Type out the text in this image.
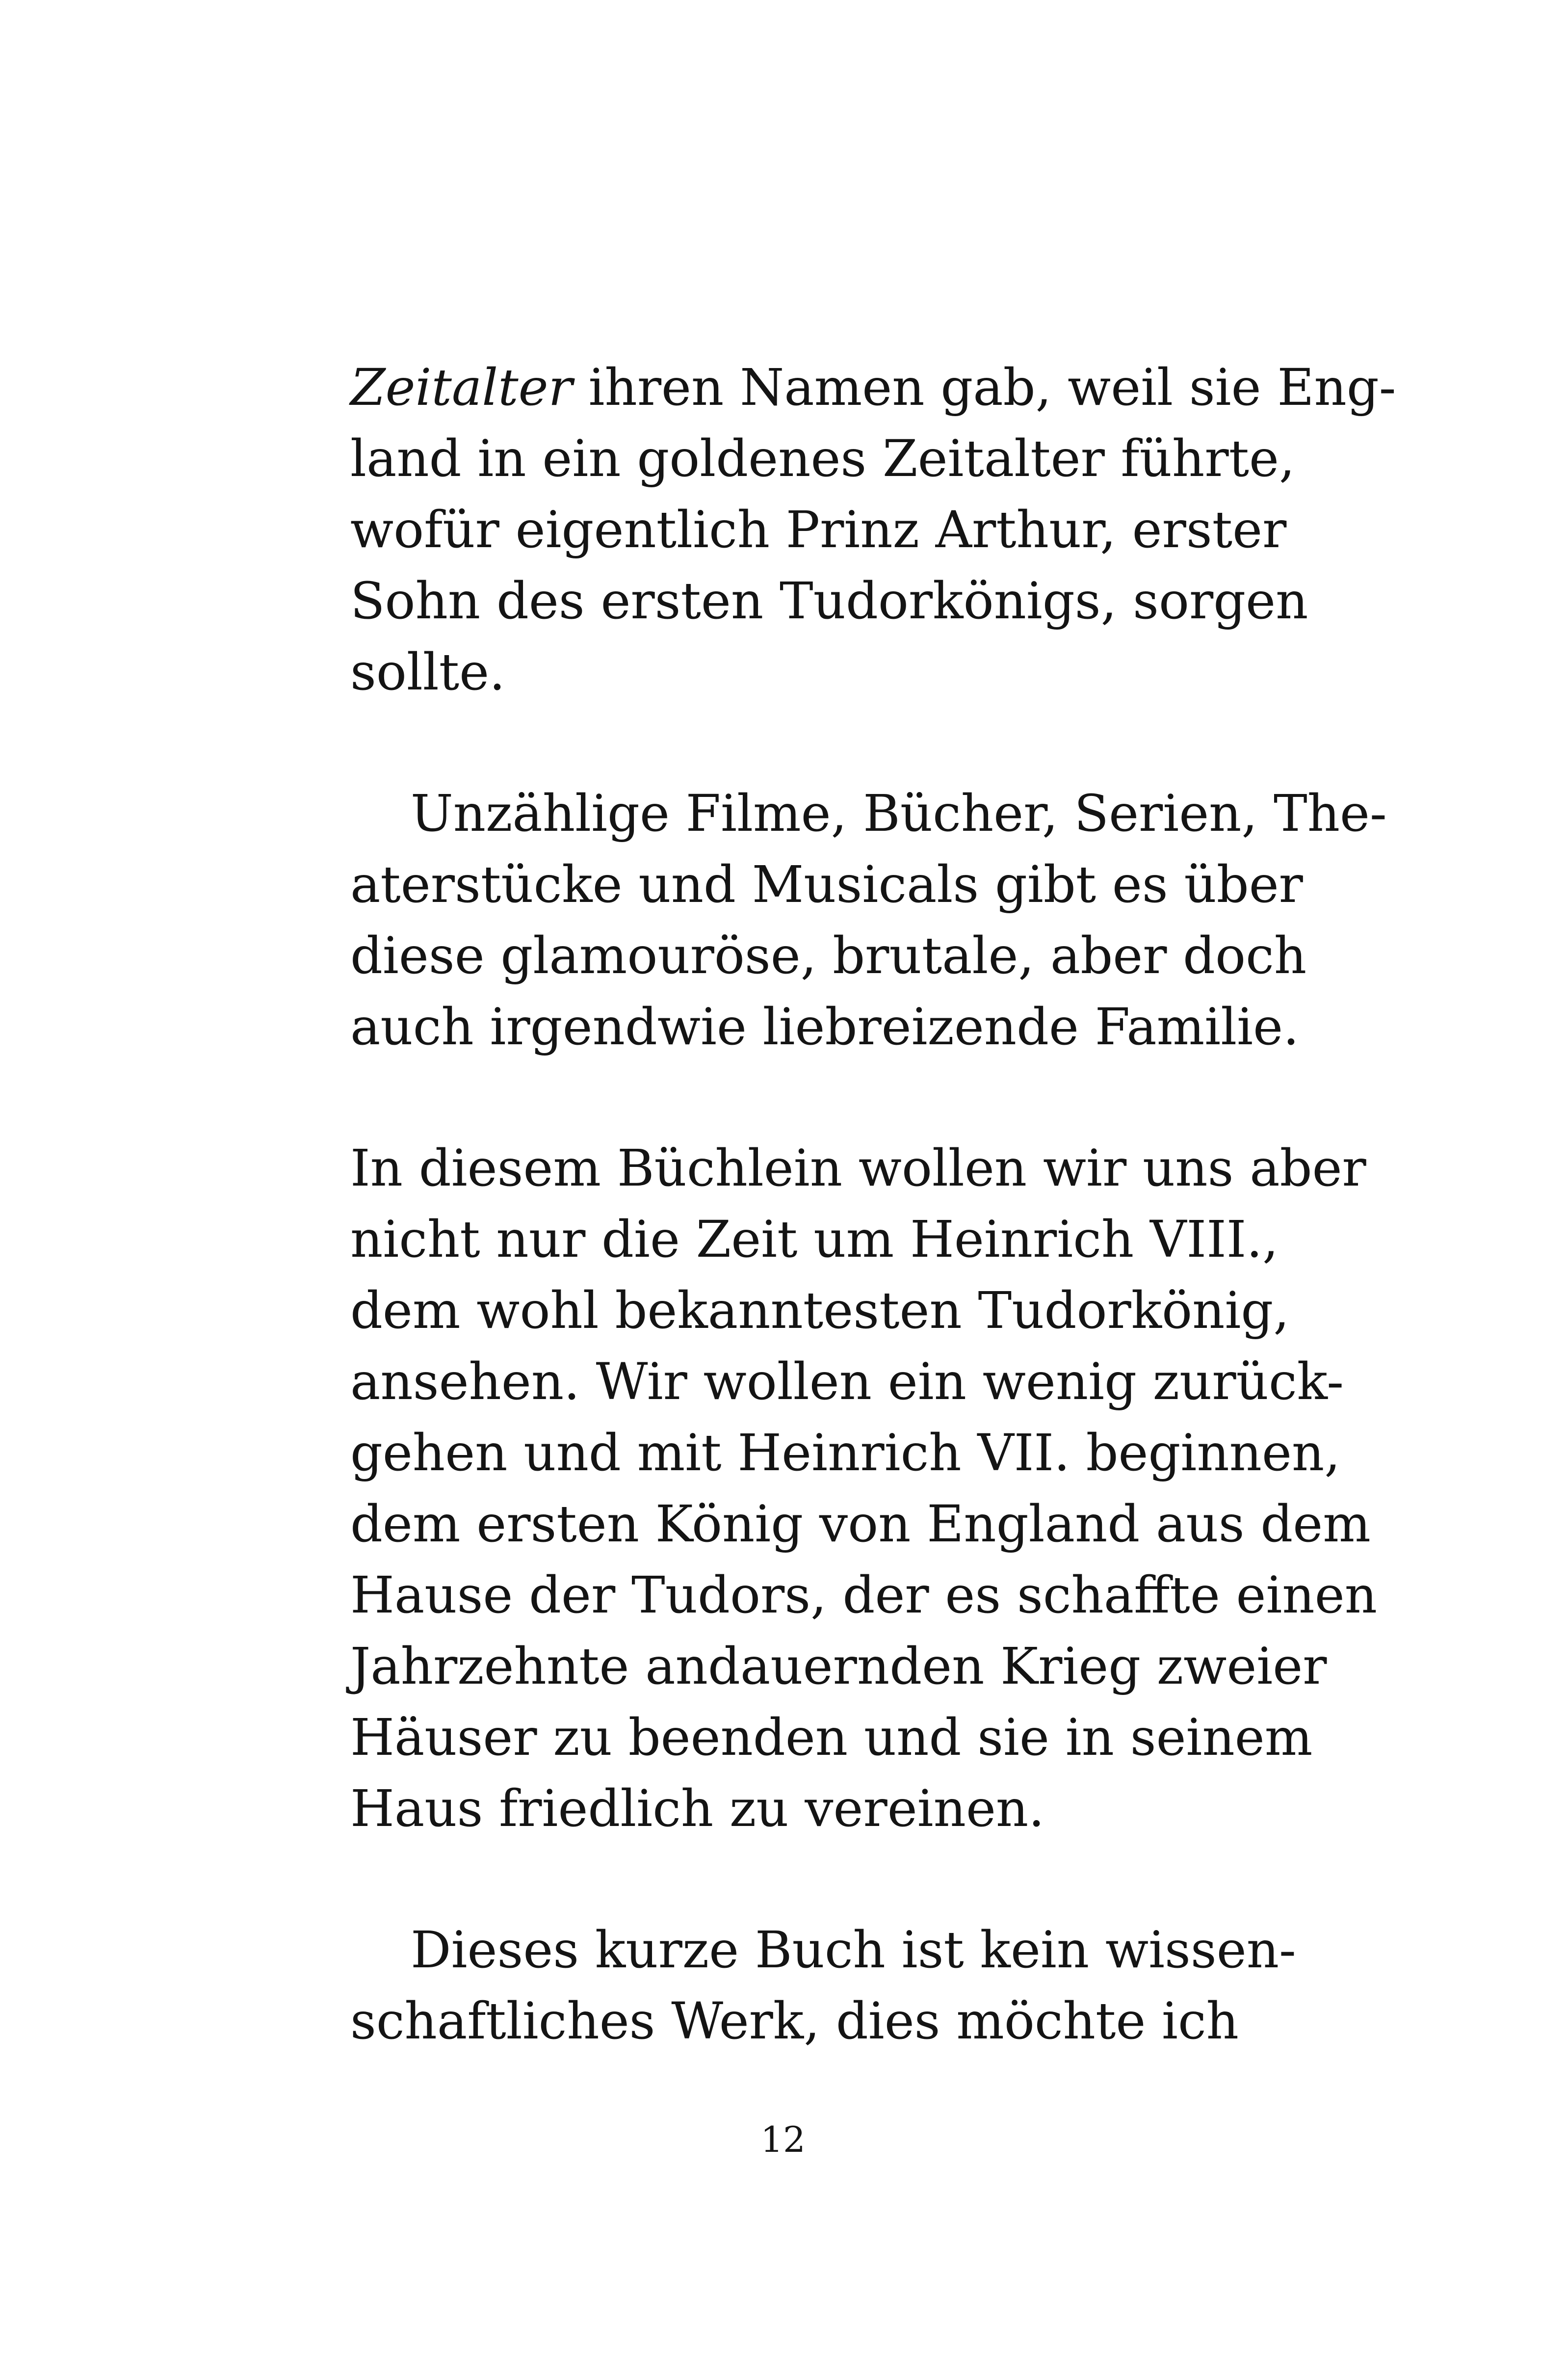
Zeitalter ihren Namen gab, weil sie Eng-
land in ein goldenes Zeitalter führte,
wofür eigentlich Prinz Arthur, erster
Sohn des ersten Tudorkönigs, sorgen
sollte.
Unzählige Filme, Bücher, Serien, The-
aterstücke und Musicals gibt es über
diese glamouröse, brutale, aber doch
auch irgendwie liebreizende Familie.
In diesem Büchlein wollen wir uns aber
nicht nur die Zeit um Heinrich VIII.,
dem wohl bekanntesten Tudorkönig,
ansehen. Wir wollen ein wenig zurück-
gehen und mit Heinrich VII. beginnen,
dem ersten König von England aus dem
Hause der Tudors, der es schaffte einen
Jahrzehnte andauernden Krieg zweier
Häuser zu beenden und sie in seinem
Haus friedlich zu vereinen.
Dieses kurze Buch ist kein wissen-
schaftliches Werk, dies möchte ich
12
